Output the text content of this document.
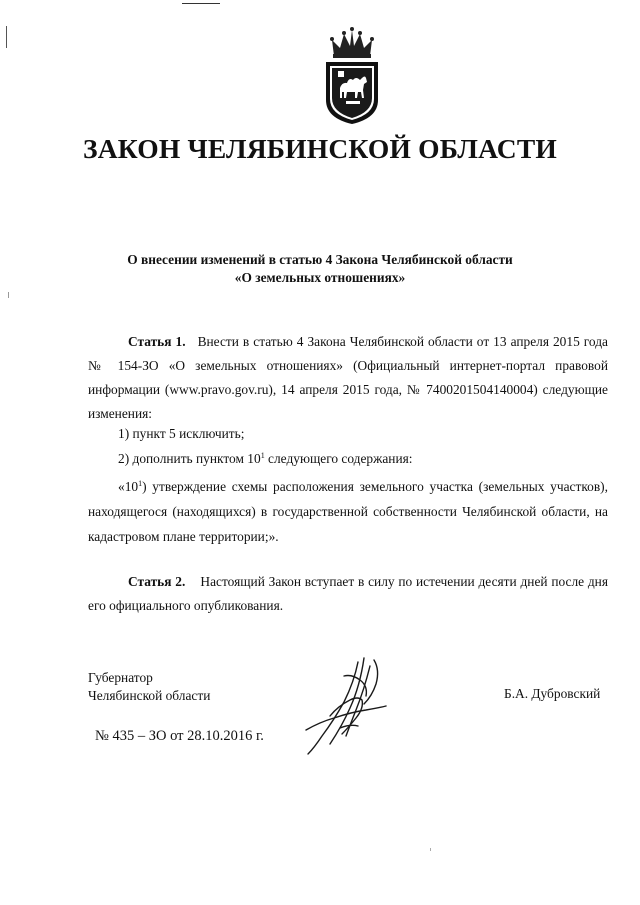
ЗАКОН ЧЕЛЯБИНСКОЙ ОБЛАСТИ
О внесении изменений в статью 4 Закона Челябинской области
«О земельных отношениях»

Статья 1. Внести в статью 4 Закона Челябинской области от 13 апреля 2015 года № 154-ЗО «О земельных отношениях» (Официальный интернет-портал правовой информации (www.pravo.gov.ru), 14 апреля 2015 года, № 7400201504140004) следующие изменения:

1) пункт 5 исключить;

2) дополнить пунктом $10^1$ следующего содержания:

«$10^1$) утверждение схемы расположения земельного участка (земельных участков), находящегося (находящихся) в государственной собственности Челябинской области, на кадастровом плане территории;».

Статья 2. Настоящий Закон вступает в силу по истечении десяти дней после дня его официального опубликования.

Губернатор
Челябинской области	Б.А. Дубровский
№ 435 – ЗО от 28.10.2016 г.
